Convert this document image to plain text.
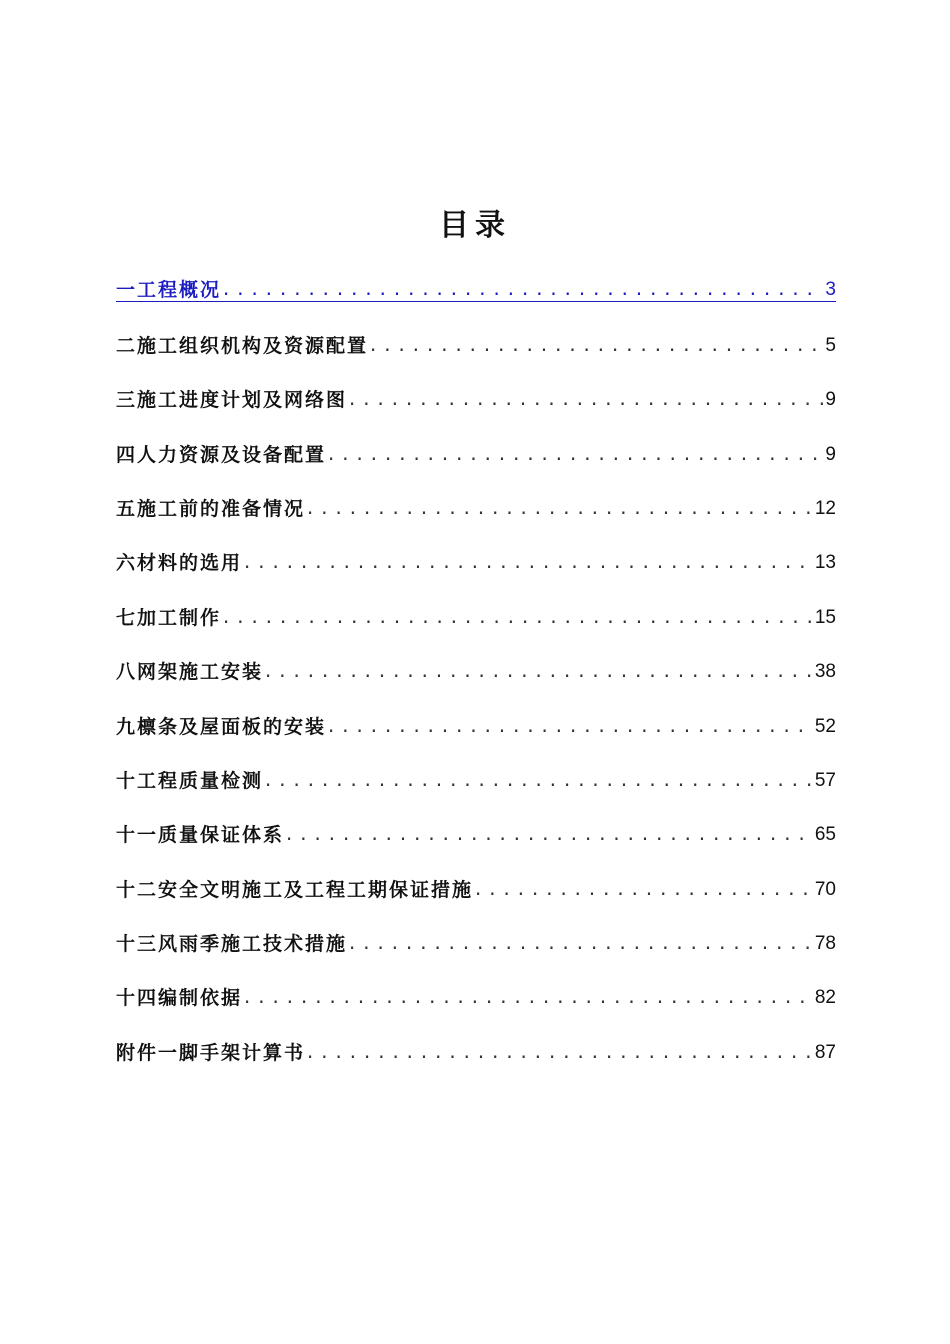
目录
一 工程概况 .....	3
二 施工组织机构及资源配置 .....	5
三 施工进度计划及网络图 .....	9
四 人力资源及设备配置 .....	9
五 施工前的准备情况 .....	12
六 材料的选用 .....	13
七 加工制作 .....	15
八 网架施工安装 .....	38
九 檩条及屋面板的安装 .....	52
十 工程质量检测 .....	57
十一 质量保证体系 .....	65
十二 安全文明施工及工程工期保证措施 .....	70
十三 风雨季施工技术措施 .....	78
十四 编制依据 .....	82
附件一 脚手架计算书 .....	87
